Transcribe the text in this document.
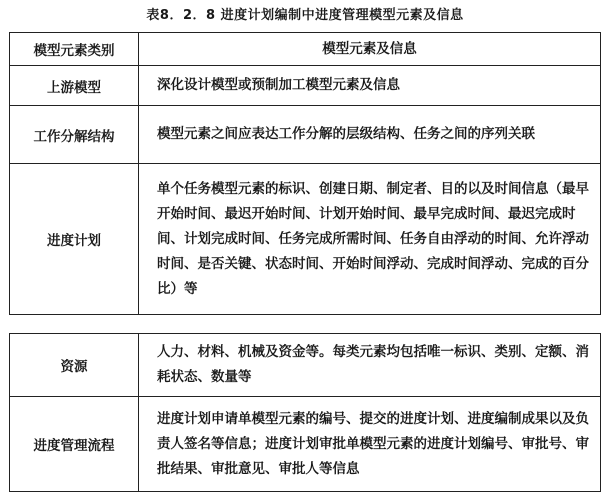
表8．2．8 进度计划编制中进度管理模型元素及信息
模型元素类别	模型元素及信息
上游模型	深化设计模型或预制加工模型元素及信息
工作分解结构	模型元素之间应表达工作分解的层级结构、任务之间的序列关联
进度计划	单个任务模型元素的标识、创建日期、制定者、目的以及时间信息（最早开始时间、最迟开始时间、计划开始时间、最早完成时间、最迟完成时间、计划完成时间、任务完成所需时间、任务自由浮动的时间、允许浮动时间、是否关键、状态时间、开始时间浮动、完成时间浮动、完成的百分比）等
资源	人力、材料、机械及资金等。每类元素均包括唯一标识、类别、定额、消耗状态、数量等
进度管理流程	进度计划申请单模型元素的编号、提交的进度计划、进度编制成果以及负责人签名等信息；进度计划审批单模型元素的进度计划编号、审批号、审批结果、审批意见、审批人等信息
